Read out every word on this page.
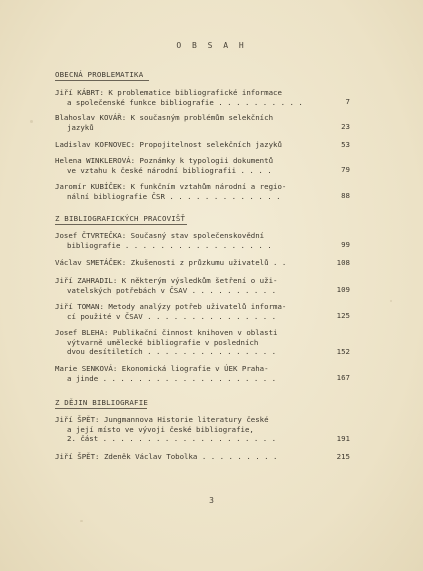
O B S A H
OBECNÁ PROBLEMATIKA
Jiří KÁBRT: K problematice bibliografické informace
a společenské funkce bibliografie . . . . . . . . . .	7
Blahoslav KOVÁŘ: K současným problémům selekčních
jazyků	23
Ladislav KOFNOVEC: Propojitelnost selekčních jazyků	53
Helena WINKLEROVÁ: Poznámky k typologii dokumentů
ve vztahu k české národní bibliografii . . . .	79
Jaromír KUBÍČEK: K funkčním vztahům národní a regio-
nální bibliografie ČSR . . . . . . . . . . . . .	88
Z BIBLIOGRAFICKÝCH PRACOVIŠŤ
Josef ČTVRTEČKA: Současný stav společenskovědní
bibliografie . . . . . . . . . . . . . . . . .	99
Václav SMETÁČEK: Zkušenosti z průzkumu uživatelů . .	108
Jiří ZAHRADIL: K některým výsledkům šetření o uži-
vatelských potřebách v ČSAV . . . . . . . . . .	109
Jiří TOMAN: Metody analýzy potřeb uživatelů informa-
cí použité v ČSAV . . . . . . . . . . . . . . .	125
Josef BLEHA: Publikační činnost knihoven v oblasti
výtvarně umělecké bibliografie v posledních
dvou desítiletích . . . . . . . . . . . . . . .	152
Marie SENKOVÁ: Ekonomická liografie v ÚEK Praha-
a jinde . . . . . . . . . . . . . . . . . . . .	167
Z DĚJIN BIBLIOGRAFIE
Jiří ŠPĚT: Jungmannova Historie literatury české
a její místo ve vývoji české bibliografie,
2. část . . . . . . . . . . . . . . . . . . . .	191
Jiří ŠPĚT: Zdeněk Václav Tobolka . . . . . . . . .	215
3
